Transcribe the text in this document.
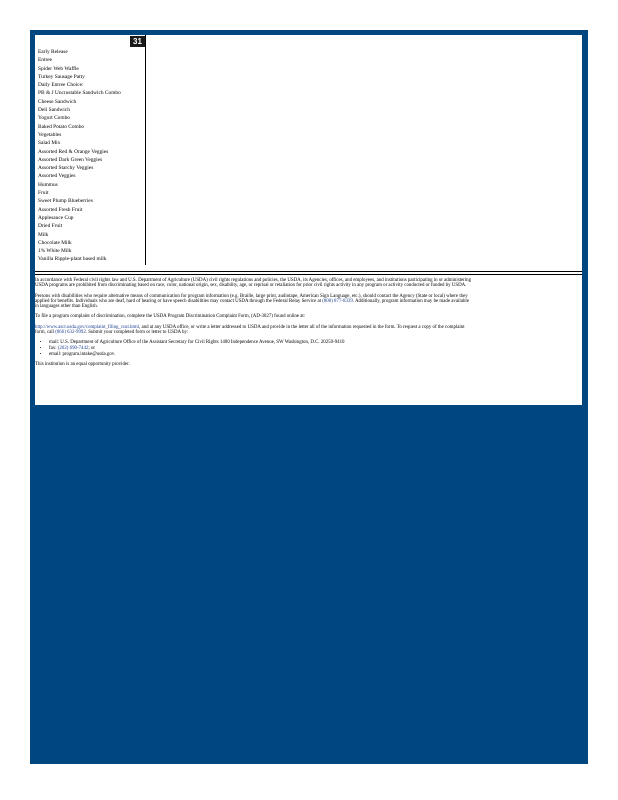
31
Early Release
Entree
Spider Web Waffle
Turkey Sausage Patty
Daily Entree Choice:
PB & J Uncrustable Sandwich Combo
Cheese Sandwich
Deli Sandwich
Yogurt Combo
Baked Potato Combo
Vegetables
Salad Mix
Assorted Red & Orange Veggies
Assorted Dark Green Veggies
Assorted Starchy Veggies
Assorted Veggies
Hummus
Fruit
Sweet Plump Blueberries
Assorted Fresh Fruit
Applesauce Cup
Dried Fruit
Milk
Chocolate Milk
1% White Milk
Vanilla Ripple-plant based milk

In accordance with Federal civil rights law and U.S. Department of Agriculture (USDA) civil rights regulations and policies, the USDA, its Agencies, offices, and employees, and institutions participating in or administering
USDA programs are prohibited from discriminating based on race, color, national origin, sex, disability, age, or reprisal or retaliation for prior civil rights activity in any program or activity conducted or funded by USDA.

Persons with disabilities who require alternative means of communication for program information (e.g. Braille, large print, audiotape, American Sign Language, etc.), should contact the Agency (State or local) where they
applied for benefits. Individuals who are deaf, hard of hearing or have speech disabilities may contact USDA through the Federal Relay Service at (800) 877-8339. Additionally, program information may be made available
in languages other than English.

To file a program complaint of discrimination, complete the USDA Program Discrimination Complaint Form, (AD-3027) found online at:

http://www.ascr.usda.gov/complaint_filing_cust.html, and at any USDA office, or write a letter addressed to USDA and provide in the letter all of the information requested in the form. To request a copy of the complaint
form, call (866) 632-9992. Submit your completed form or letter to USDA by:

• mail: U.S. Department of Agriculture Office of the Assistant Secretary for Civil Rights 1400 Independence Avenue, SW Washington, D.C. 20250-9410
• fax: (202) 690-7442; or
• email: program.intake@usda.gov.

This institution is an equal opportunity provider.
